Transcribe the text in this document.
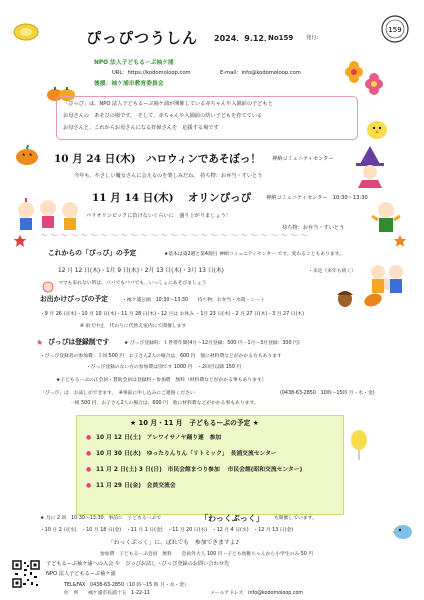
ぴっぴつうしん 2024．9.12．
No159 発行：
159
NPO 法人子どもるーぷ袖ケ浦
URL：https://kodomoloop.com	E-mail：info@kodomoloop.com
後援：袖ケ浦市教育委員会
「ぴっぴ」は、NPO 法人子どもるーぷ袖ケ浦が開催している赤ちゃんや入園前の子どもと
お母さんの　あそびの場です。　そして、赤ちゃんや入園前の幼い子どもを育てている
お母さんと、これからお母さんになる妊婦さんを　応援する場です
10 月 24 日(木) ハロウィンであそぼっ！ 神納コミュニティセンター
今年も、やさしい魔女さんに会えるのを楽しみだね。 持ち物：お弁当・すいとう
11 月 14 日(木) オリンぴっぴ	神納コミュニティセンター　10:30～13:30
パリオリンピックに負けないくらいに　盛り上がりましょう！
持ち物：お弁当・すいとう
〜〜〜〜〜〜〜〜〜〜〜〜〜〜〜〜〜〜〜〜〜〜〜〜〜〜〜
これからの「ぴっぴ」の予定	★基本は第2週と第4週目 神納コミュニティセンター です。変わることもあります。
12 月 12 日(木)・1月 9 日(木)・2月 13 日(木)・3月 13 日(木)	・未定（来年も続く）
ママも来れない時は、パパでもババでも、いっしょにあそびましょう
お出かけぴっぴの予定	・袖ケ浦公園　10:30～13:30　　持ち物：お弁当・水筒・シート
・9 月 26 日(木)・10 月 10 日(木)・11 月 28 日(木)・12 月は お休み ・1月 23 日(木)・2 月 27 日(木)・3 月 27 日(木)
※ 雨天中止　代わりに代替え室内にて開催します
★ ぴっぴは登録制です	★ ぴっぴ登録料：１世帯年間(4月～12月登録：500 円・1月～3月登録：300 円)
・ぴっぴ登録者の参加費：１回 500 円　お子さん2人の場合は、600 円　他に材料費などがかかる方もあります
・ぴっぴ登録のない方の参加費は別です 1000 円　・2回目以降 150 円
★子どもるーぷの正会員・賛助会員は登録料・参加費　無料（材料費などがかかる事もあります）
「ぴっぴ」は　お試しができます。　※事前に申し込みにご連絡ください	(0438-63-2850　10時～15時 月・水・金)
一組 500 円、お子さん2人の場合は、600 円　他に材料費などがかかる事もあります。
★ 10 月・11 月　子どもるーぷの予定 ★
● 10 月 12 日(土)　アレワイサノヤ踊り連　参加
● 10 月 30 日(水)　ゆったりんりん「リトミック」　長浦交流センター
● 11 月 2 日(土) 3 日(日)　市民会館まつり参加　 市民会館(昭和交流センター)
● 11 月 29 日(金)　会員交流会
★ 月に 2 回　10:30～13:30、事前に　子どもるーぷで	「わっくぷっく」 も開催しています。
・10 月 2 日(水)　・10 月 18 日(金)　・11 月 1 日(金)　・11 月 20 日(水)　・12 月 4 日(水)　・12 月 13 日(金)
「わっくぷっく」に、ぱれでも　参加できますよ♪
参加費　子どもるーぷ会員　無料　　会員外大人 100 円・子ども幼稚ちゃんから小学生のみ 50 円
子どもるーぷ袖ケ浦への入会 や　ぴっぴお試し・ぴっぴ登録のお問い合わせ先
NPO 法人子どもるーぷ袖ケ浦
TEL&FAX　0438-63-2850（10 時～15 時 月・水・金）
住　所　　袖ケ浦市長浦十五　1-22-11	メールアドレス　info@kodomoloop.com
